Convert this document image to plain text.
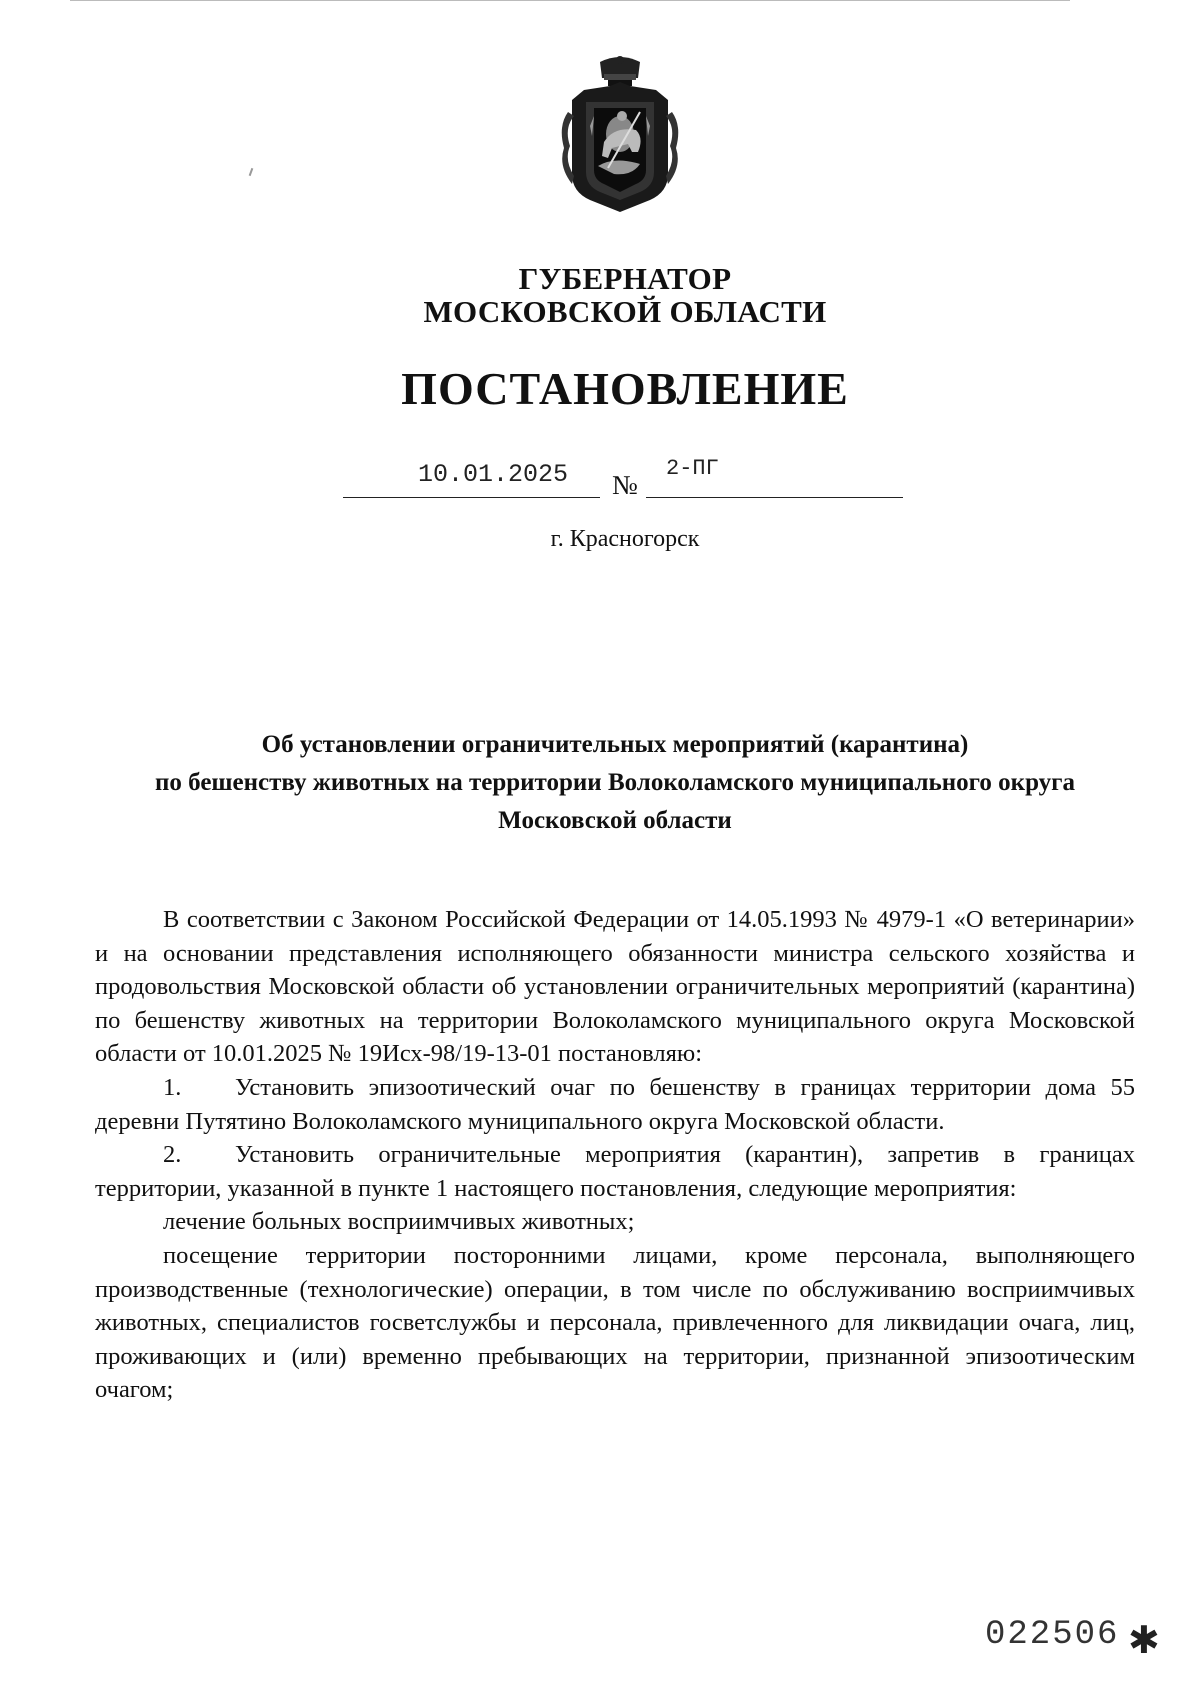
ГУБЕРНАТОР
МОСКОВСКОЙ ОБЛАСТИ
ПОСТАНОВЛЕНИЕ
10.01.2025 №
2-ПГ
г. Красногорск
Об установлении ограничительных мероприятий (карантина)
по бешенству животных на территории Волоколамского муниципального округа
Московской области

В соответствии с Законом Российской Федерации от 14.05.1993 № 4979-1 «О ветеринарии» и на основании представления исполняющего обязанности министра сельского хозяйства и продовольствия Московской области об установлении ограничительных мероприятий (карантина) по бешенству животных на территории Волоколамского муниципального округа Московской области от 10.01.2025 № 19Исх-98/19-13-01 постановляю:

1. Установить эпизоотический очаг по бешенству в границах территории дома 55 деревни Путятино Волоколамского муниципального округа Московской области.

2. Установить ограничительные мероприятия (карантин), запретив в границах территории, указанной в пункте 1 настоящего постановления, следующие мероприятия:

лечение больных восприимчивых животных;

посещение территории посторонними лицами, кроме персонала, выполняющего производственные (технологические) операции, в том числе по обслуживанию восприимчивых животных, специалистов госветслужбы и персонала, привлеченного для ликвидации очага, лиц, проживающих и (или) временно пребывающих на территории, признанной эпизоотическим очагом;

022506 ✱
